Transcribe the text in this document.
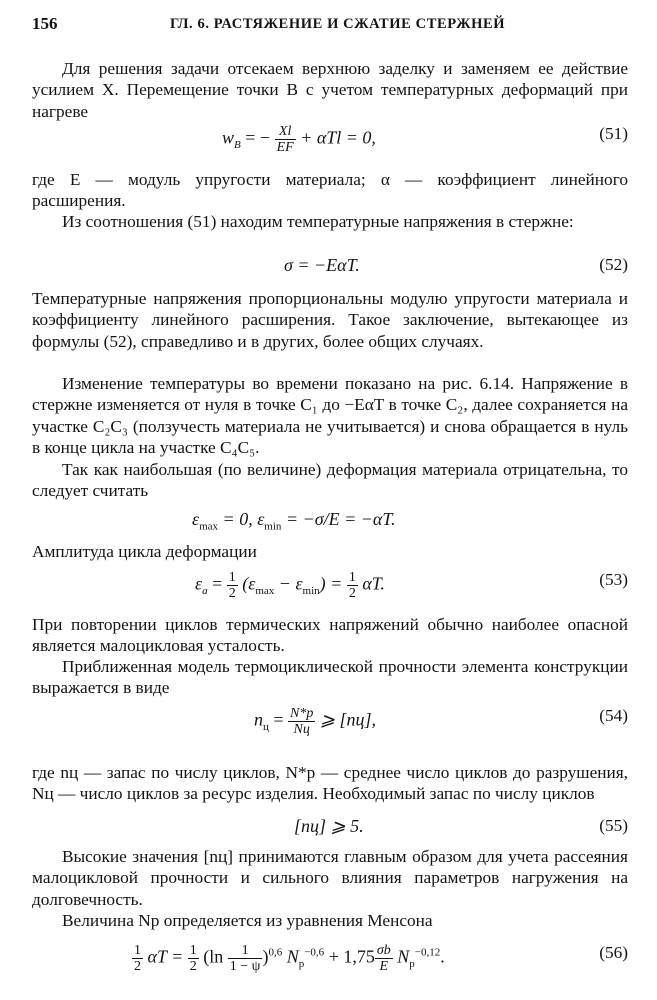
156	ГЛ. 6. РАСТЯЖЕНИЕ И СЖАТИЕ СТЕРЖНЕЙ

Для решения задачи отсекаем верхнюю заделку и заменяем ее действие усилием X. Перемещение точки B с учетом температурных деформаций при нагреве

$w_B$ = − $\frac{Xl}{EF} + \alpha Tl = 0$,	(51)

где E — модуль упругости материала; α — коэффициент линейного расширения.

Из соотношения (51) находим температурные напряжения в стержне:

σ = −EαT.	(52)

Температурные напряжения пропорциональны модулю упругости материала и коэффициенту линейного расширения. Такое заключение, вытекающее из формулы (52), справедливо и в других, более общих случаях.

Изменение температуры во времени показано на рис. 6.14. Напряжение в стержне изменяется от нуля в точке C₁ до −EαT в точке C₂, далее сохраняется на участке C₂C₃ (ползучесть материала не учитывается) и снова обращается в нуль в конце цикла на участке C₄C₅.

Так как наибольшая (по величине) деформация материала отрицательна, то следует считать

$\varepsilon_{max} = 0$, $\varepsilon_{min} = -\sigma/E = -\alpha T$.

Амплитуда цикла деформации

$\varepsilon_a = \frac{1}{2} (\varepsilon_{max} - \varepsilon_{min}) = \frac{1}{2} \alpha T$.	(53)

При повторении циклов термических напряжений обычно наиболее опасной является малоцикловая усталость.

Приближенная модель термоциклической прочности элемента конструкции выражается в виде

$n_ц = \frac{N*р}{Nц}$ ⩾ [nц],	(54)

где nц — запас по числу циклов, N*р — среднее число циклов до разрушения, Nц — число циклов за ресурс изделия. Необходимый запас по числу циклов

[nц] ⩾ 5.	(55)

Высокие значения [nц] принимаются главным образом для учета рассеяния малоцикловой прочности и сильного влияния параметров нагружения на долговечность.

Величина Nр определяется из уравнения Менсона

$\frac{1}{2}$ $\alpha T = \frac{1}{2} (\ln \frac{1}{1 - \psi} )^{0,6}$ $N_р^{-0,6} + 1,75 \frac{\sigma b}{E} N_р^{-0,12}$.	(56)
